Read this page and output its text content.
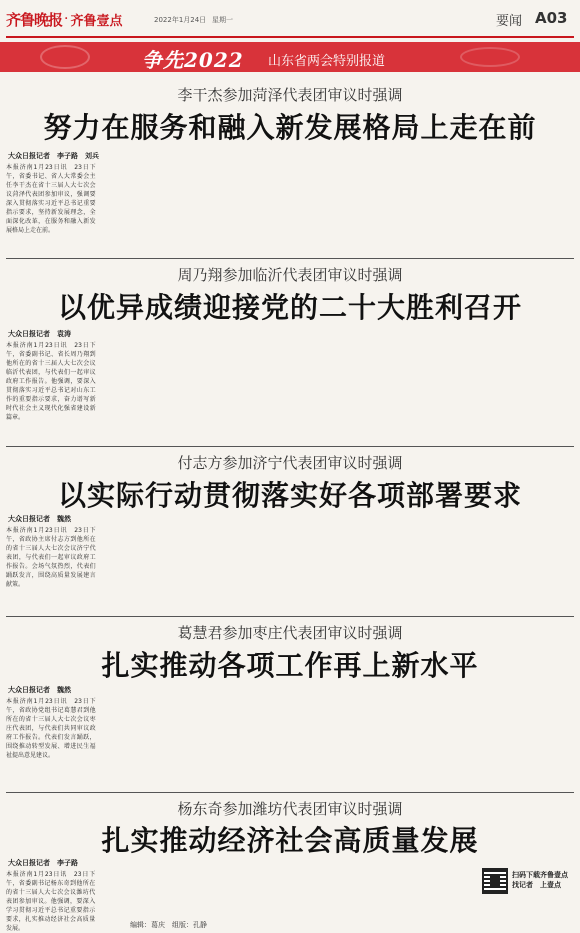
齐鲁晚报 · 齐鲁壹点	2022年1月24日 星期一	要闻 A03
争先2022 山东省两会特别报道
李干杰参加菏泽代表团审议时强调
努力在服务和融入新发展格局上走在前
大众日报记者　李子路　刘兵
本报济南1月23日讯　23日下午，省委书记、省人大常委会主任李干杰在省十三届人大七次会议菏泽代表团参加审议，强调要深入贯彻落实习近平总书记重要指示要求，坚持新发展理念，全面深化改革，在服务和融入新发展格局上走在前。
周乃翔参加临沂代表团审议时强调
以优异成绩迎接党的二十大胜利召开
大众日报记者　袁涛
本报济南1月23日讯　23日下午，省委副书记、省长周乃翔到他所在的省十三届人大七次会议临沂代表团，与代表们一起审议政府工作报告。他强调，要深入贯彻落实习近平总书记对山东工作的重要指示要求，奋力谱写新时代社会主义现代化强省建设新篇章。
付志方参加济宁代表团审议时强调
以实际行动贯彻落实好各项部署要求
大众日报记者　魏然
本报济南1月23日讯　23日下午，省政协主席付志方到他所在的省十三届人大七次会议济宁代表团，与代表们一起审议政府工作报告。会场气氛热烈，代表们踊跃发言，围绕高质量发展建言献策。
葛慧君参加枣庄代表团审议时强调
扎实推动各项工作再上新水平
大众日报记者　魏然
本报济南1月23日讯　23日下午，省政协党组书记葛慧君到他所在的省十三届人大七次会议枣庄代表团，与代表们共同审议政府工作报告。代表们发言踊跃，围绕推动转型发展、增进民生福祉提出意见建议。
杨东奇参加潍坊代表团审议时强调
扎实推动经济社会高质量发展
大众日报记者　李子路
本报济南1月23日讯　23日下午，省委副书记杨东奇到他所在的省十三届人大七次会议潍坊代表团参加审议。他强调，要深入学习贯彻习近平总书记重要指示要求，扎实推动经济社会高质量发展。
扫码下载齐鲁壹点
找记者　上壹点
编辑：葛庆　组版：孔静
